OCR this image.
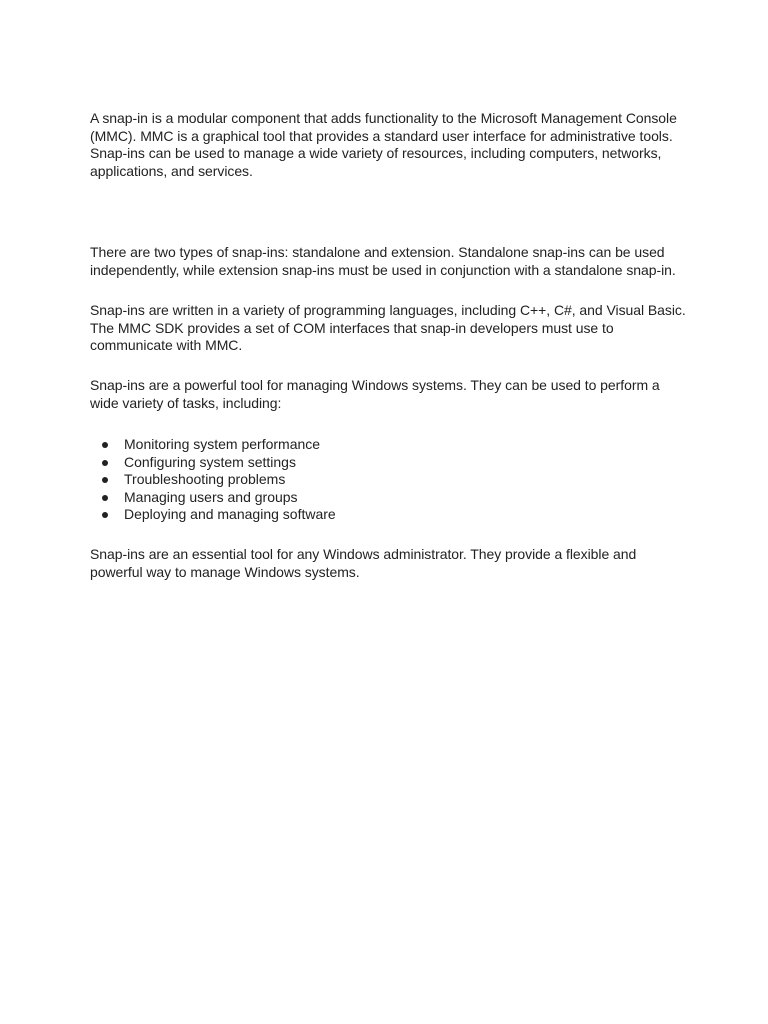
A snap-in is a modular component that adds functionality to the Microsoft Management Console (MMC). MMC is a graphical tool that provides a standard user interface for administrative tools. Snap-ins can be used to manage a wide variety of resources, including computers, networks, applications, and services.

There are two types of snap-ins: standalone and extension. Standalone snap-ins can be used independently, while extension snap-ins must be used in conjunction with a standalone snap-in.

Snap-ins are written in a variety of programming languages, including C++, C#, and Visual Basic. The MMC SDK provides a set of COM interfaces that snap-in developers must use to communicate with MMC.

Snap-ins are a powerful tool for managing Windows systems. They can be used to perform a wide variety of tasks, including:

Monitoring system performance
Configuring system settings
Troubleshooting problems
Managing users and groups
Deploying and managing software

Snap-ins are an essential tool for any Windows administrator. They provide a flexible and powerful way to manage Windows systems.
